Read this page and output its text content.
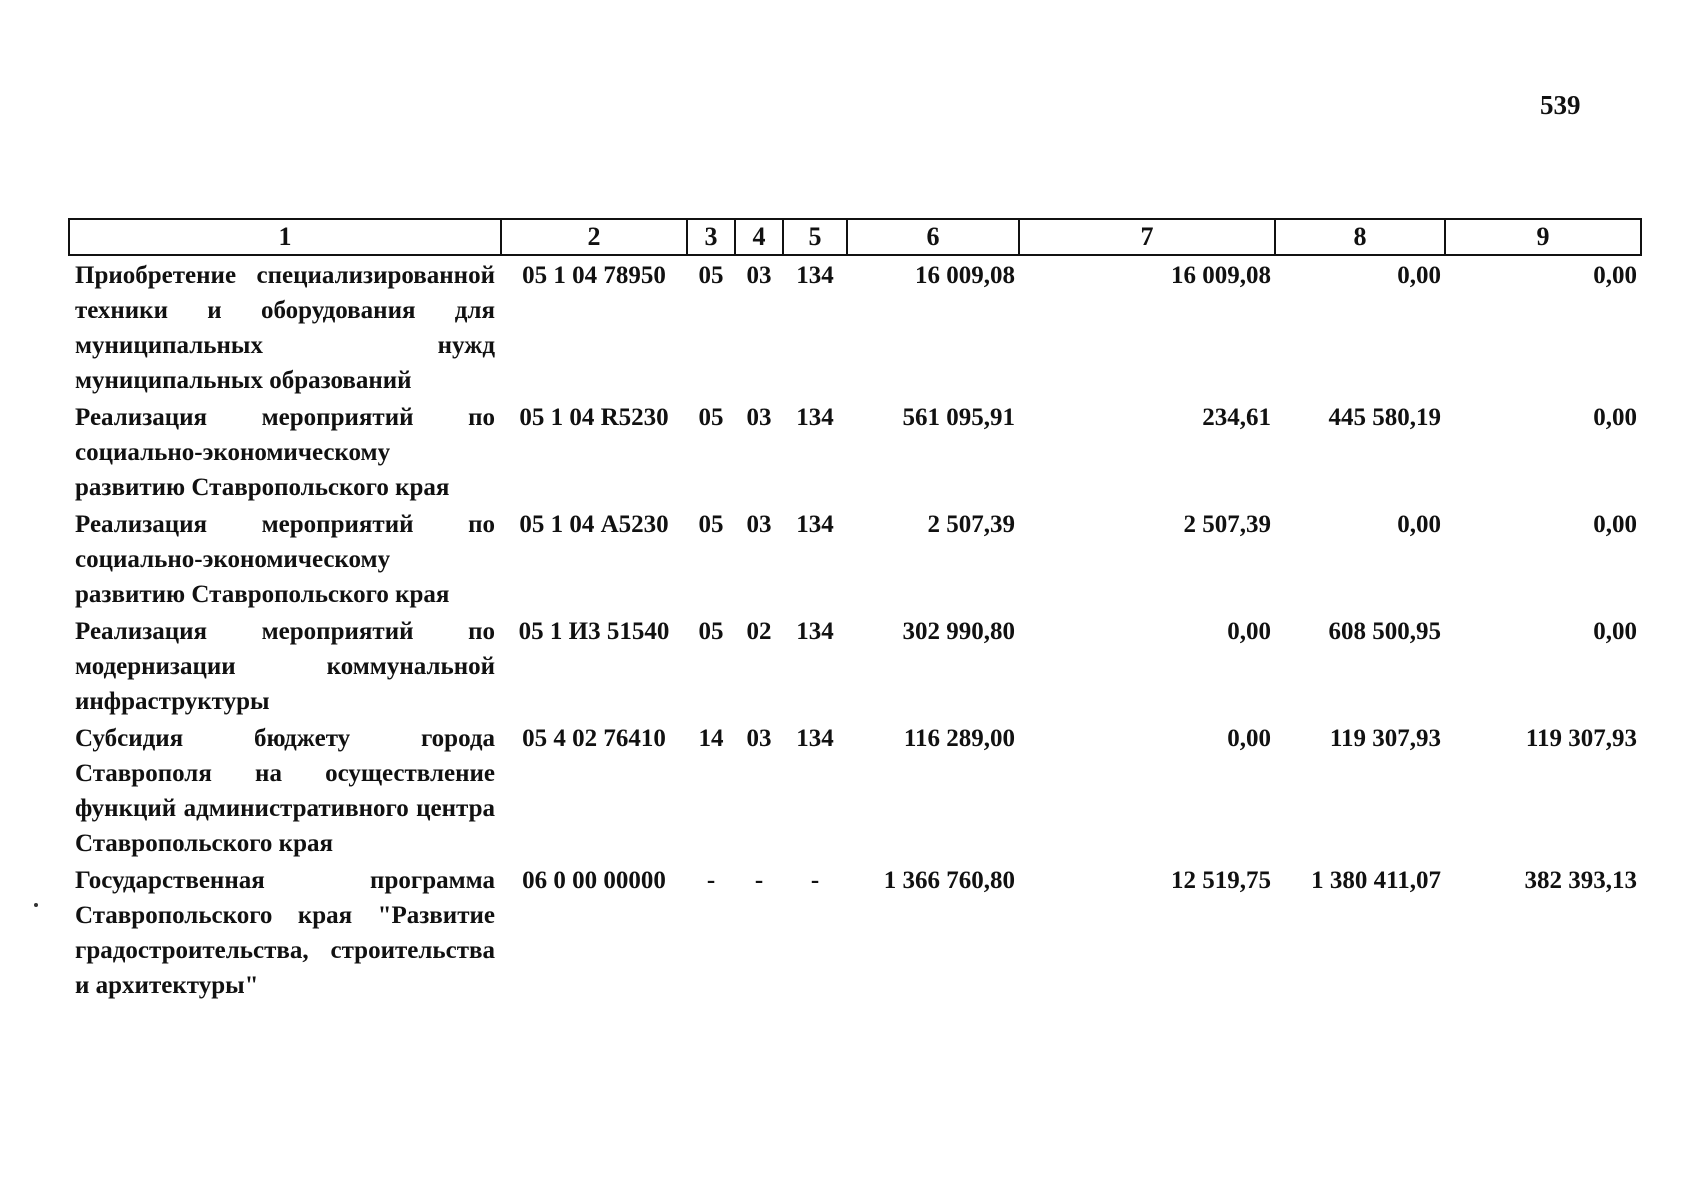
539
1	2	3	4	5	6	7	8	9
Приобретение специализированной техники и оборудования для муниципальных нужд муниципальных образований	05 1 04 78950	05	03	134	16 009,08	16 009,08	0,00	0,00
Реализация мероприятий по социально-экономическому развитию Ставропольского края	05 1 04 R5230	05	03	134	561 095,91	234,61	445 580,19	0,00
Реализация мероприятий по социально-экономическому развитию Ставропольского края	05 1 04 А5230	05	03	134	2 507,39	2 507,39	0,00	0,00
Реализация мероприятий по модернизации коммунальной инфраструктуры	05 1 И3 51540	05	02	134	302 990,80	0,00	608 500,95	0,00
Субсидия бюджету города Ставрополя на осуществление функций административного центра Ставропольского края	05 4 02 76410	14	03	134	116 289,00	0,00	119 307,93	119 307,93
Государственная программа Ставропольского края "Развитие градостроительства, строительства и архитектуры"	06 0 00 00000	-	-	-	1 366 760,80	12 519,75	1 380 411,07	382 393,13
